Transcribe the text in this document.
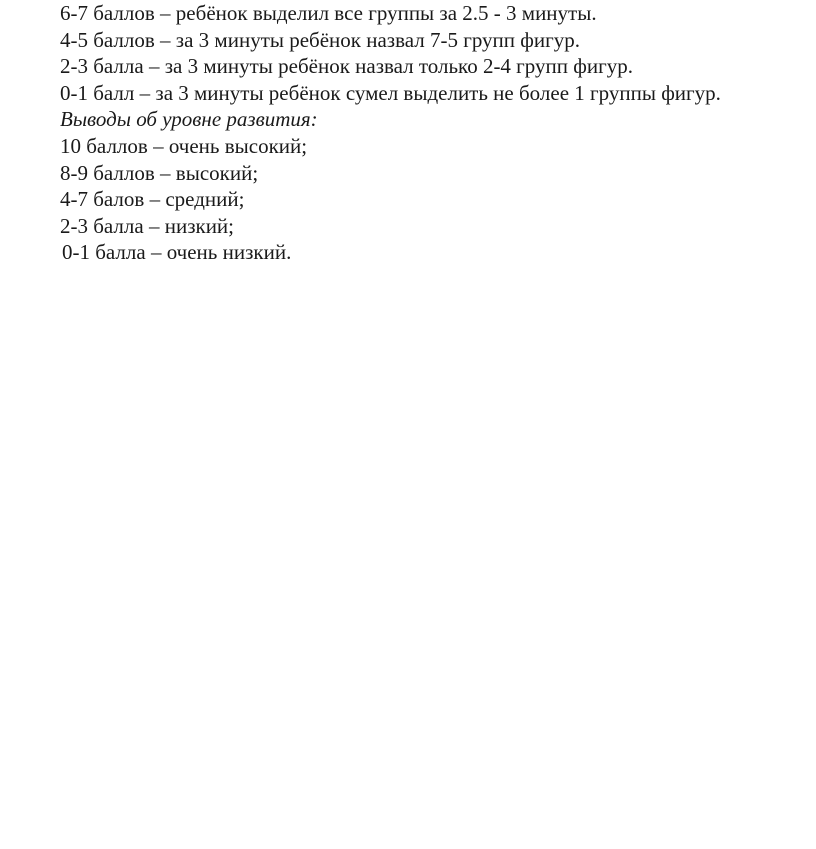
6-7 баллов – ребёнок выделил все группы за 2.5 - 3 минуты.

4-5 баллов – за 3 минуты ребёнок назвал 7-5 групп фигур.

2-3 балла – за 3 минуты ребёнок назвал только 2-4 групп фигур.

0-1 балл – за 3 минуты ребёнок сумел выделить не более 1 группы фигур.

Выводы об уровне развития:

10 баллов – очень высокий;

8-9 баллов – высокий;

4-7 балов – средний;

2-3 балла – низкий;

0-1 балла – очень низкий.
